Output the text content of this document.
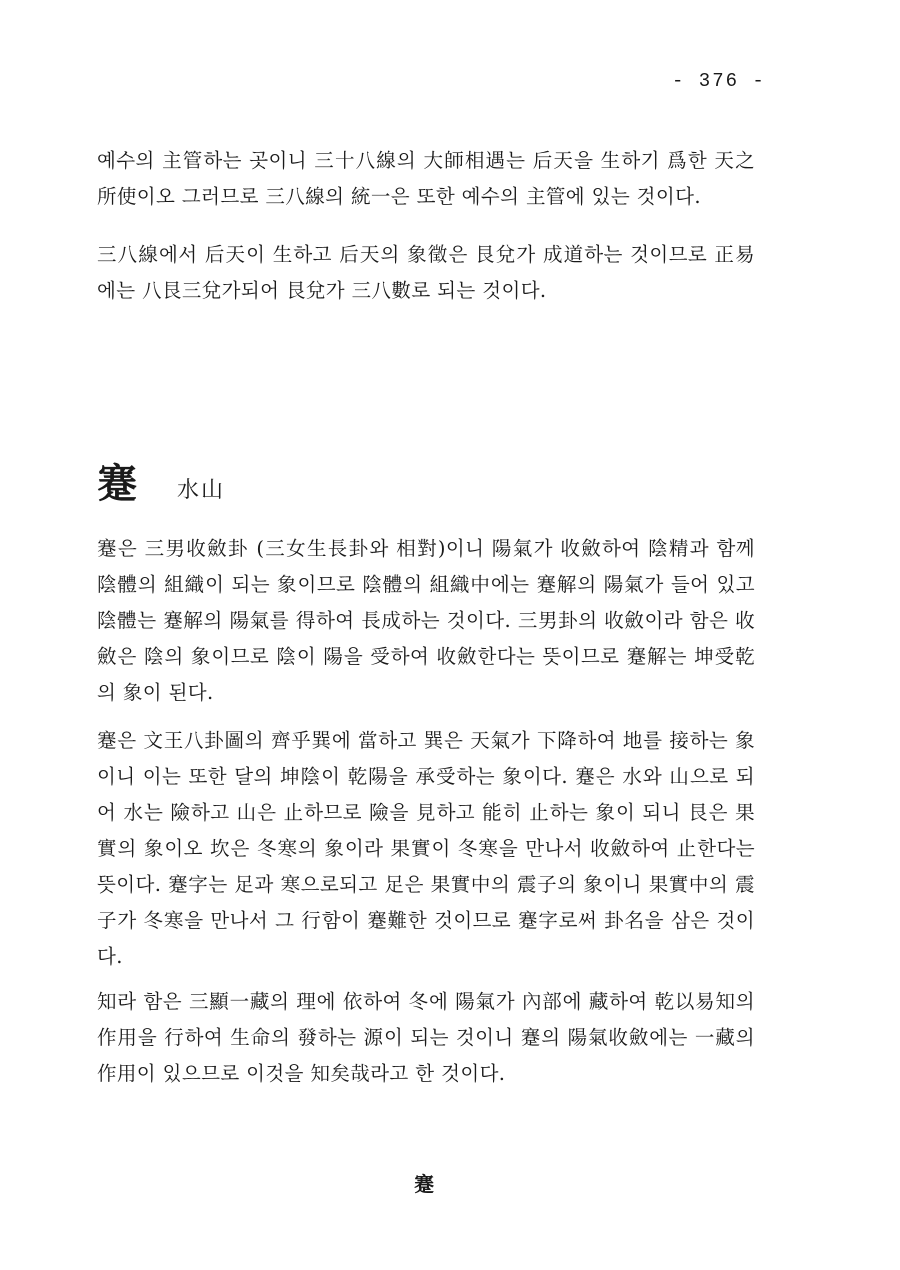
- 376 -

예수의 主管하는 곳이니 三十八線의 大師相遇는 后天을 生하기 爲한 天之所使이오 그러므로 三八線의 統一은 또한 예수의 主管에 있는 것이다.

三八線에서 后天이 生하고 后天의 象徵은 艮兌가 成道하는 것이므로 正易에는 八艮三兌가되어 艮兌가 三八數로 되는 것이다.

蹇 水山

蹇은 三男收斂卦 (三女生長卦와 相對)이니 陽氣가 收斂하여 陰精과 함께 陰體의 組織이 되는 象이므로 陰體의 組織中에는 蹇解의 陽氣가 들어 있고 陰體는 蹇解의 陽氣를 得하여 長成하는 것이다. 三男卦의 收斂이라 함은 收斂은 陰의 象이므로 陰이 陽을 受하여 收斂한다는 뜻이므로 蹇解는 坤受乾의 象이 된다.

蹇은 文王八卦圖의 齊乎巽에 當하고 巽은 天氣가 下降하여 地를 接하는 象이니 이는 또한 달의 坤陰이 乾陽을 承受하는 象이다. 蹇은 水와 山으로 되어 水는 險하고 山은 止하므로 險을 見하고 能히 止하는 象이 되니 艮은 果實의 象이오 坎은 冬寒의 象이라 果實이 冬寒을 만나서 收斂하여 止한다는 뜻이다. 蹇字는 足과 寒으로되고 足은 果實中의 震子의 象이니 果實中의 震子가 冬寒을 만나서 그 行함이 蹇難한 것이므로 蹇字로써 卦名을 삼은 것이다.

知라 함은 三顯一藏의 理에 依하여 冬에 陽氣가 內部에 藏하여 乾以易知의 作用을 行하여 生命의 發하는 源이 되는 것이니 蹇의 陽氣收斂에는 一藏의 作用이 있으므로 이것을 知矣哉라고 한 것이다.

蹇
